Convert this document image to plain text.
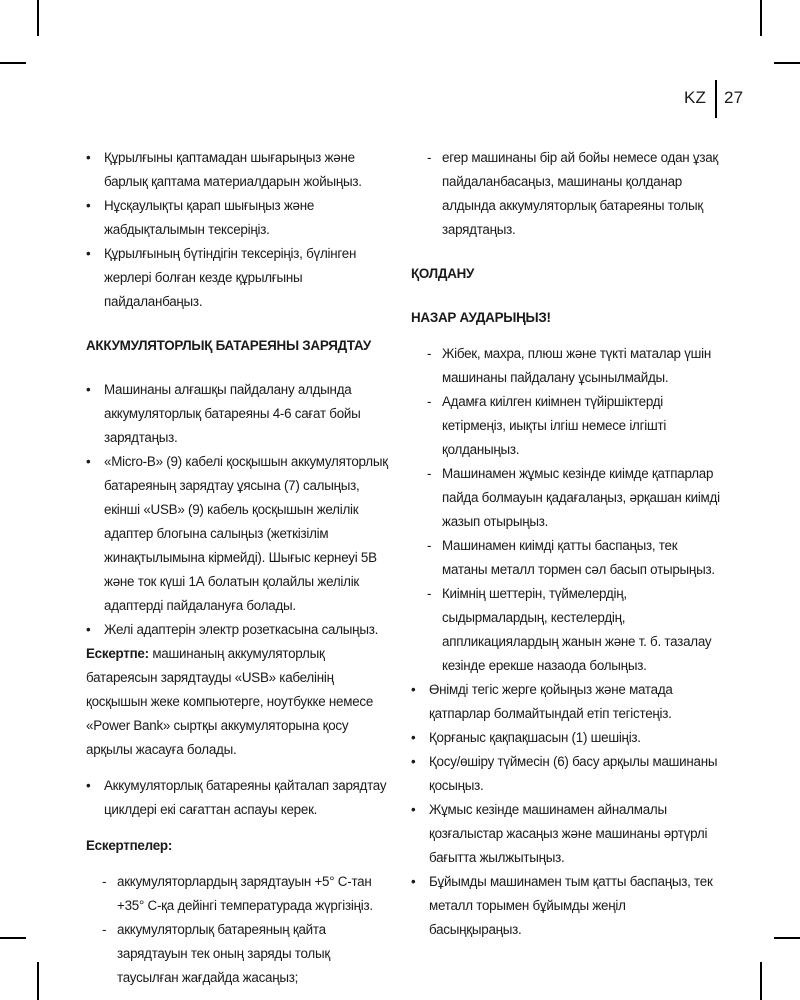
KZ 27
• Құрылғыны қаптамадан шығарыңыз және барлық қаптама материалдарын жойыңыз.
• Нұсқаулықты қарап шығыңыз және жабдықталымын тексеріңіз.
• Құрылғының бүтіндігін тексеріңіз, бүлінген жерлері болған кезде құрылғыны пайдаланбаңыз.
АККУМУЛЯТОРЛЫҚ БАТАРЕЯНЫ ЗАРЯДТАУ
• Машинаны алғашқы пайдалану алдында аккумуляторлық батареяны 4-6 сағат бойы зарядтаңыз.
• «Micro-B» (9) кабелі қосқышын аккумуляторлық батареяның зарядтау ұясына (7) салыңыз, екінші «USB» (9) кабель қосқышын желілік адаптер блогына салыңыз (жеткізілім жинақтылымына кірмейді). Шығыс кернеуі 5В және ток күші 1А болатын қолайлы желілік адаптерді пайдалануға болады.
• Желі адаптерін электр розеткасына салыңыз.

Ескертпе: машинаның аккумуляторлық батареясын зарядтауды «USB» кабелінің қосқышын жеке компьютерге, ноутбукке немесе «Power Bank» сыртқы аккумуляторына қосу арқылы жасауға болады.

• Аккумуляторлық батареяны қайталап зарядтау циклдері екі сағаттан аспауы керек.
Ескертпелер:
- аккумуляторлардың зарядтауын +5° С-тан +35° С-қа дейінгі температурада жүргізіңіз.
- аккумуляторлық батареяның қайта зарядтауын тек оның заряды толық таусылған жағдайда жасаңыз;
- егер машинаны бір ай бойы немесе одан ұзақ пайдаланбасаңыз, машинаны қолданар алдында аккумуляторлық батареяны толық зарядтаңыз.
ҚОЛДАНУ
НАЗАР АУДАРЫҢЫЗ!
- Жібек, махра, плюш және түкті маталар үшін машинаны пайдалану ұсынылмайды.
- Адамға киілген киімнен түйіршіктерді кетірмеңіз, иықты ілгіш немесе ілгішті қолданыңыз.
- Машинамен жұмыс кезінде киімде қатпарлар пайда болмауын қадағалаңыз, әрқашан киімді жазып отырыңыз.
- Машинамен киімді қатты баспаңыз, тек матаны металл тормен сәл басып отырыңыз.
- Киімнің шеттерін, түймелердің, сыдырмалардың, кестелердің, аппликациялардың жанын және т. б. тазалау кезінде ерекше назаода болыңыз.
• Өнімді тегіс жерге қойыңыз және матада қатпарлар болмайтындай етіп тегістеңіз.
• Қорғаныс қақпақшасын (1) шешіңіз.
• Қосу/өшіру түймесін (6) басу арқылы машинаны қосыңыз.
• Жұмыс кезінде машинамен айналмалы қозғалыстар жасаңыз және машинаны әртүрлі бағытта жылжытыңыз.
• Бұйымды машинамен тым қатты баспаңыз, тек металл торымен бұйымды жеңіл басыңқыраңыз.
